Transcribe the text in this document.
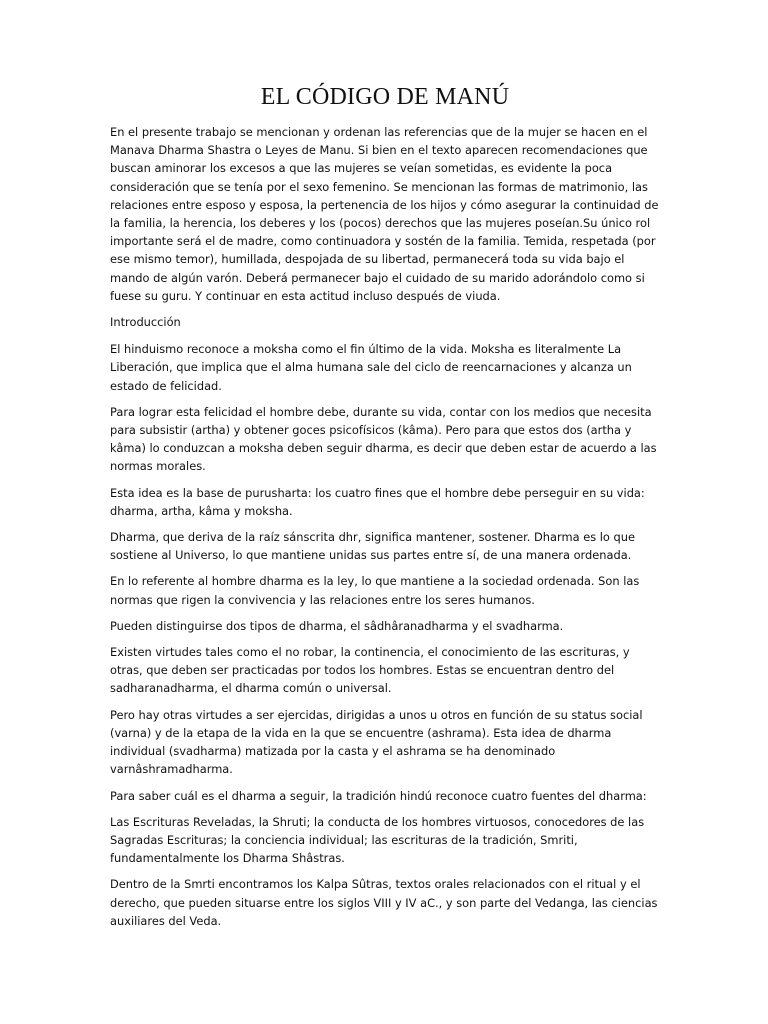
EL CÓDIGO DE MANÚ

En el presente trabajo se mencionan y ordenan las referencias que de la mujer se hacen en el Manava Dharma Shastra o Leyes de Manu. Si bien en el texto aparecen recomendaciones que buscan aminorar los excesos a que las mujeres se veían sometidas, es evidente la poca consideración que se tenía por el sexo femenino. Se mencionan las formas de matrimonio, las relaciones entre esposo y esposa, la pertenencia de los hijos y cómo asegurar la continuidad de la familia, la herencia, los deberes y los (pocos) derechos que las mujeres poseían.Su único rol importante será el de madre, como continuadora y sostén de la familia. Temida, respetada (por ese mismo temor), humillada, despojada de su libertad, permanecerá toda su vida bajo el mando de algún varón. Deberá permanecer bajo el cuidado de su marido adorándolo como si fuese su guru. Y continuar en esta actitud incluso después de viuda.

Introducción

El hinduismo reconoce a moksha como el fin último de la vida. Moksha es literalmente La Liberación, que implica que el alma humana sale del ciclo de reencarnaciones y alcanza un estado de felicidad.

Para lograr esta felicidad el hombre debe, durante su vida, contar con los medios que necesita para subsistir (artha) y obtener goces psicofísicos (kâma). Pero para que estos dos (artha y kâma) lo conduzcan a moksha deben seguir dharma, es decir que deben estar de acuerdo a las normas morales.

Esta idea es la base de purusharta: los cuatro fines que el hombre debe perseguir en su vida: dharma, artha, kâma y moksha.

Dharma, que deriva de la raíz sánscrita dhr, significa mantener, sostener. Dharma es lo que sostiene al Universo, lo que mantiene unidas sus partes entre sí, de una manera ordenada.

En lo referente al hombre dharma es la ley, lo que mantiene a la sociedad ordenada. Son las normas que rigen la convivencia y las relaciones entre los seres humanos.

Pueden distinguirse dos tipos de dharma, el sâdhâranadharma y el svadharma.

Existen virtudes tales como el no robar, la continencia, el conocimiento de las escrituras, y otras, que deben ser practicadas por todos los hombres. Estas se encuentran dentro del sadharanadharma, el dharma común o universal.

Pero hay otras virtudes a ser ejercidas, dirigidas a unos u otros en función de su status social (varna) y de la etapa de la vida en la que se encuentre (ashrama). Esta idea de dharma individual (svadharma) matizada por la casta y el ashrama se ha denominado varnâshramadharma.

Para saber cuál es el dharma a seguir, la tradición hindú reconoce cuatro fuentes del dharma:

Las Escrituras Reveladas, la Shruti; la conducta de los hombres virtuosos, conocedores de las Sagradas Escrituras; la conciencia individual; las escrituras de la tradición, Smriti, fundamentalmente los Dharma Shâstras.

Dentro de la Smrti encontramos los Kalpa Sûtras, textos orales relacionados con el ritual y el derecho, que pueden situarse entre los siglos VIII y IV aC., y son parte del Vedanga, las ciencias auxiliares del Veda.
